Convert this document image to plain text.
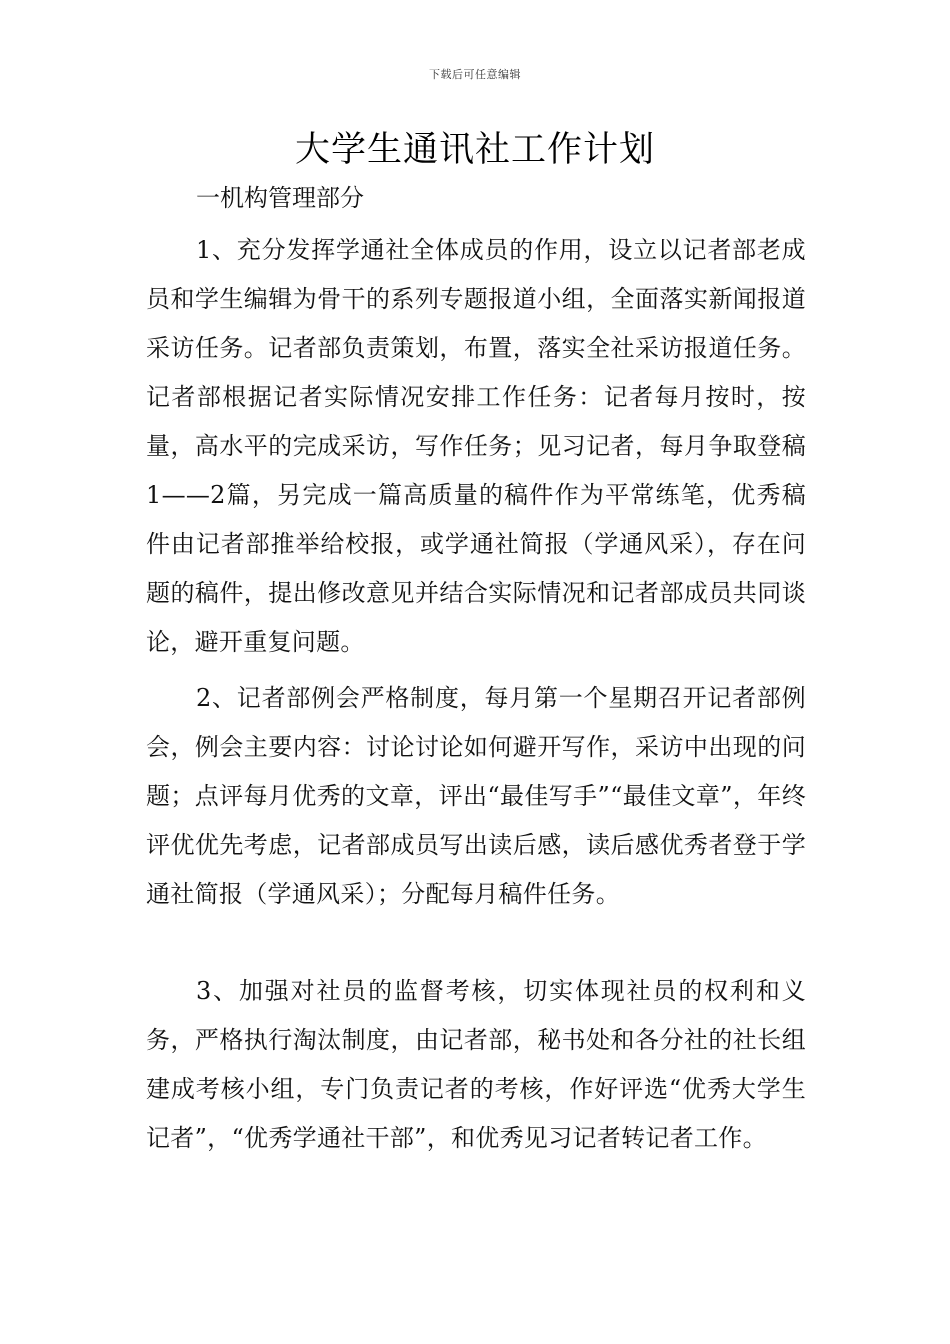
下载后可任意编辑
大学生通讯社工作计划

一机构管理部分

1、充分发挥学通社全体成员的作用，设立以记者部老成员和学生编辑为骨干的系列专题报道小组，全面落实新闻报道采访任务。记者部负责策划，布置，落实全社采访报道任务。记者部根据记者实际情况安排工作任务：记者每月按时，按量，高水平的完成采访，写作任务；见习记者，每月争取登稿1——2篇，另完成一篇高质量的稿件作为平常练笔，优秀稿件由记者部推举给校报，或学通社简报（学通风采），存在问题的稿件，提出修改意见并结合实际情况和记者部成员共同谈论，避开重复问题。

2、记者部例会严格制度，每月第一个星期召开记者部例会，例会主要内容：讨论讨论如何避开写作，采访中出现的问题；点评每月优秀的文章，评出“最佳写手”“最佳文章”，年终评优优先考虑，记者部成员写出读后感，读后感优秀者登于学通社简报（学通风采）；分配每月稿件任务。

3、加强对社员的监督考核，切实体现社员的权利和义务，严格执行淘汰制度，由记者部，秘书处和各分社的社长组建成考核小组，专门负责记者的考核，作好评选“优秀大学生记者”，“优秀学通社干部”，和优秀见习记者转记者工作。
